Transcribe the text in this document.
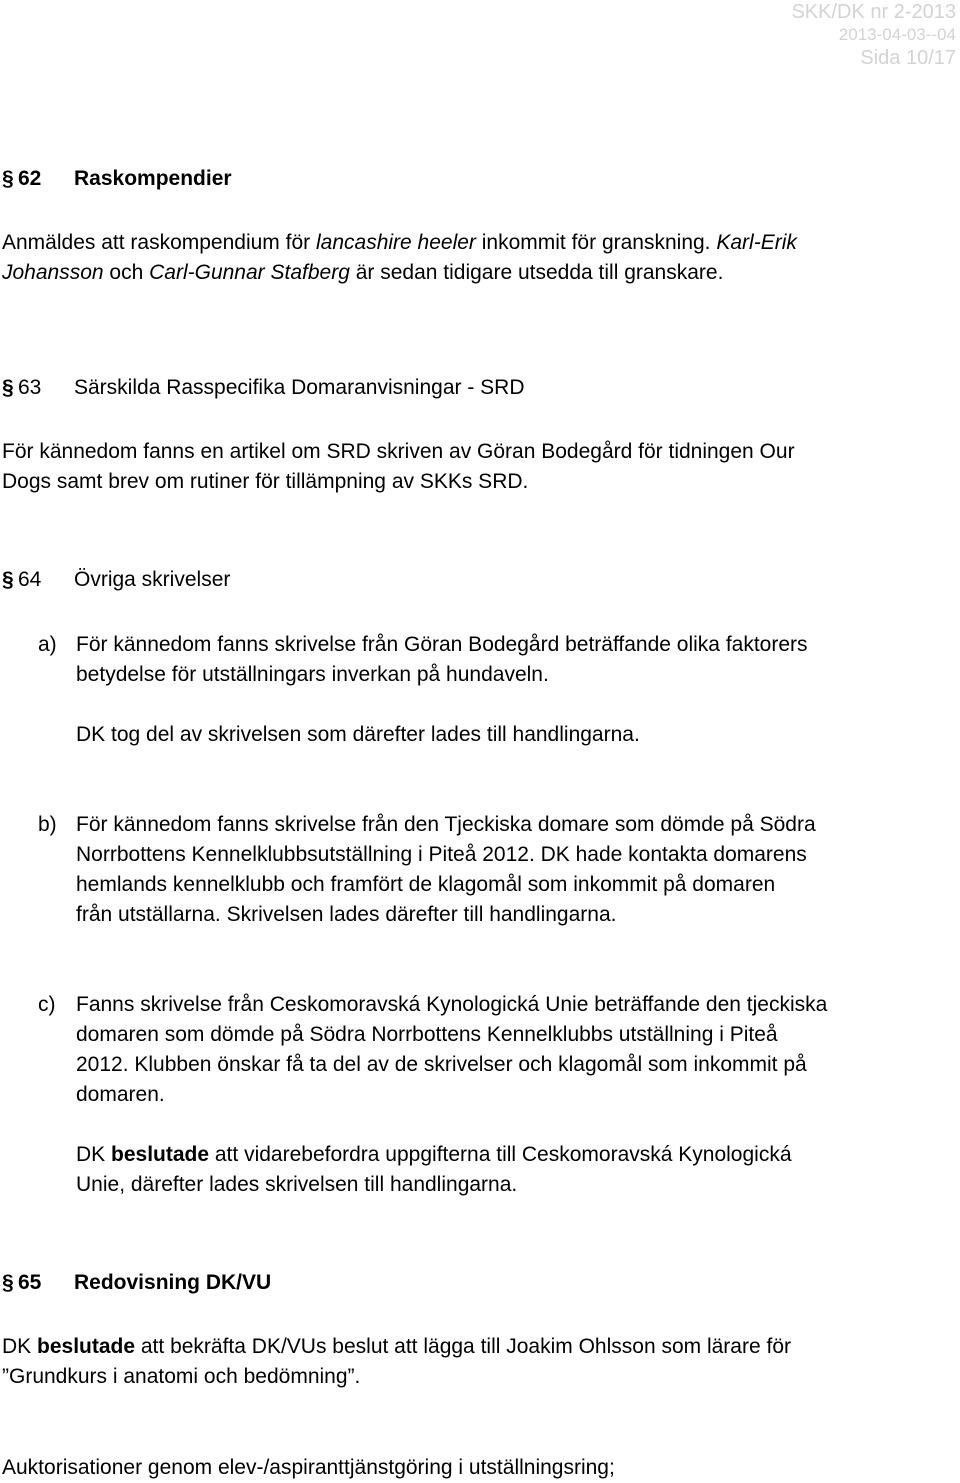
SKK/DK nr 2-2013
2013-04-03--04
Sida 10/17
§ 62 Raskompendier
Anmäldes att raskompendium för lancashire heeler inkommit för granskning. Karl-Erik
Johansson och Carl-Gunnar Stafberg är sedan tidigare utsedda till granskare.
§ 63 Särskilda Rasspecifika Domaranvisningar - SRD
För kännedom fanns en artikel om SRD skriven av Göran Bodegård för tidningen Our
Dogs samt brev om rutiner för tillämpning av SKKs SRD.
§ 64 Övriga skrivelser
a) För kännedom fanns skrivelse från Göran Bodegård beträffande olika faktorers
betydelse för utställningars inverkan på hundaveln.
DK tog del av skrivelsen som därefter lades till handlingarna.
b) För kännedom fanns skrivelse från den Tjeckiska domare som dömde på Södra
Norrbottens Kennelklubbsutställning i Piteå 2012. DK hade kontakta domarens
hemlands kennelklubb och framfört de klagomål som inkommit på domaren
från utställarna. Skrivelsen lades därefter till handlingarna.
c) Fanns skrivelse från Ceskomoravská Kynologická Unie beträffande den tjeckiska
domaren som dömde på Södra Norrbottens Kennelklubbs utställning i Piteå
2012. Klubben önskar få ta del av de skrivelser och klagomål som inkommit på
domaren.
DK beslutade att vidarebefordra uppgifterna till Ceskomoravská Kynologická
Unie, därefter lades skrivelsen till handlingarna.
§ 65 Redovisning DK/VU
DK beslutade att bekräfta DK/VUs beslut att lägga till Joakim Ohlsson som lärare för
”Grundkurs i anatomi och bedömning”.
Auktorisationer genom elev-/aspiranttjänstgöring i utställningsring;
